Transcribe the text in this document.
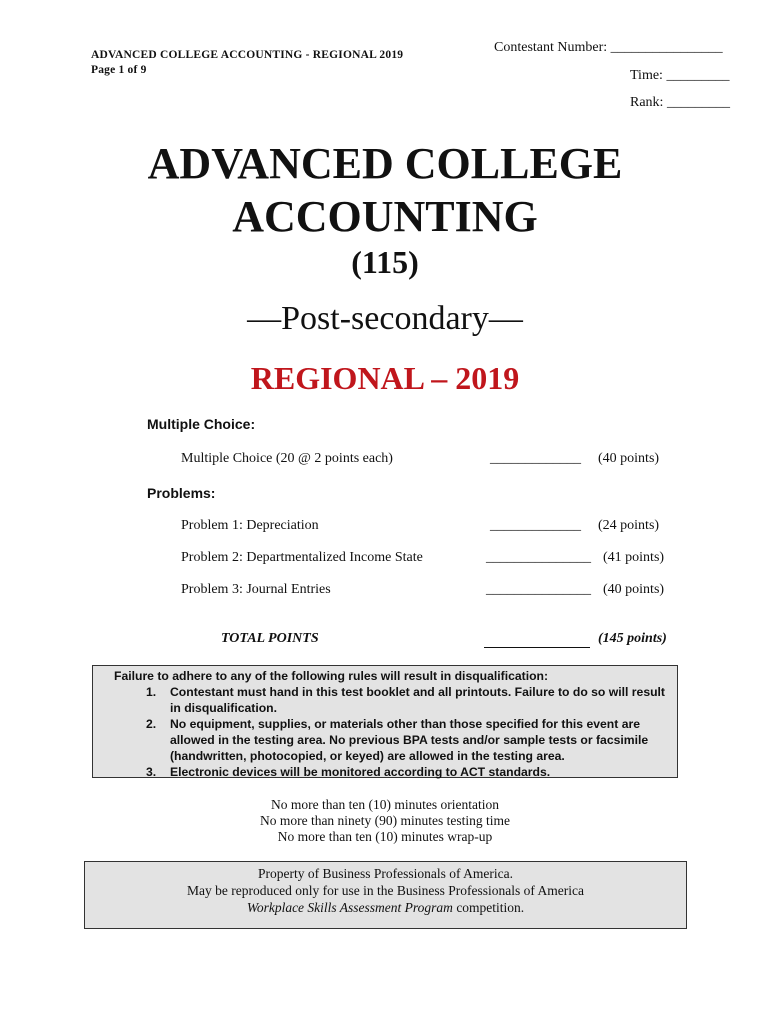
ADVANCED COLLEGE ACCOUNTING - REGIONAL 2019
Page 1 of 9
Contestant Number: ________________
Time: _________
Rank: _________
ADVANCED COLLEGE
ACCOUNTING
(115)
—Post-secondary—
REGIONAL – 2019
Multiple Choice:
Multiple Choice (20 @ 2 points each)	_____________ (40 points)
Problems:
Problem 1: Depreciation	_____________ (24 points)
Problem 2: Departmentalized Income State	_______________ (41 points)
Problem 3: Journal Entries	_______________ (40 points)
TOTAL POINTS	(145 points)
Failure to adhere to any of the following rules will result in disqualification:
1. Contestant must hand in this test booklet and all printouts. Failure to do so will result in disqualification.
2. No equipment, supplies, or materials other than those specified for this event are allowed in the testing area. No previous BPA tests and/or sample tests or facsimile (handwritten, photocopied, or keyed) are allowed in the testing area.
3. Electronic devices will be monitored according to ACT standards.
No more than ten (10) minutes orientation
No more than ninety (90) minutes testing time
No more than ten (10) minutes wrap-up
Property of Business Professionals of America.
May be reproduced only for use in the Business Professionals of America
Workplace Skills Assessment Program competition.
